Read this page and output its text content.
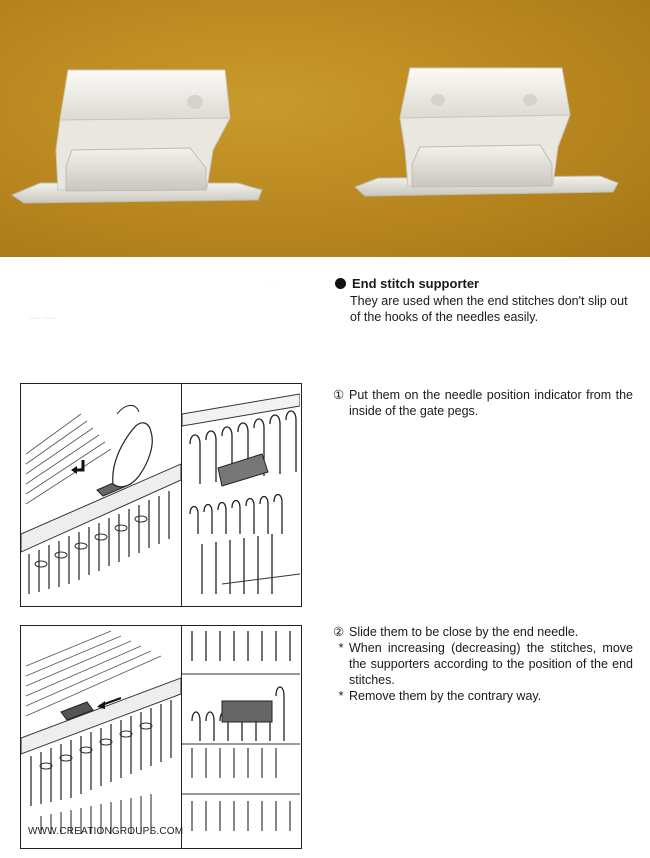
· · ·
— —
End stitch supporter

They are used when the end stitches don't slip out of the hooks of the needles easily.

① Put them on the needle position indicator from the inside of the gate pegs.
② Slide them to be close by the end needle.
* When increasing (decreasing) the stitches, move the supporters according to the position of the end stitches.
* Remove them by the contrary way.
WWW.CREATIONGROUPS.COM
